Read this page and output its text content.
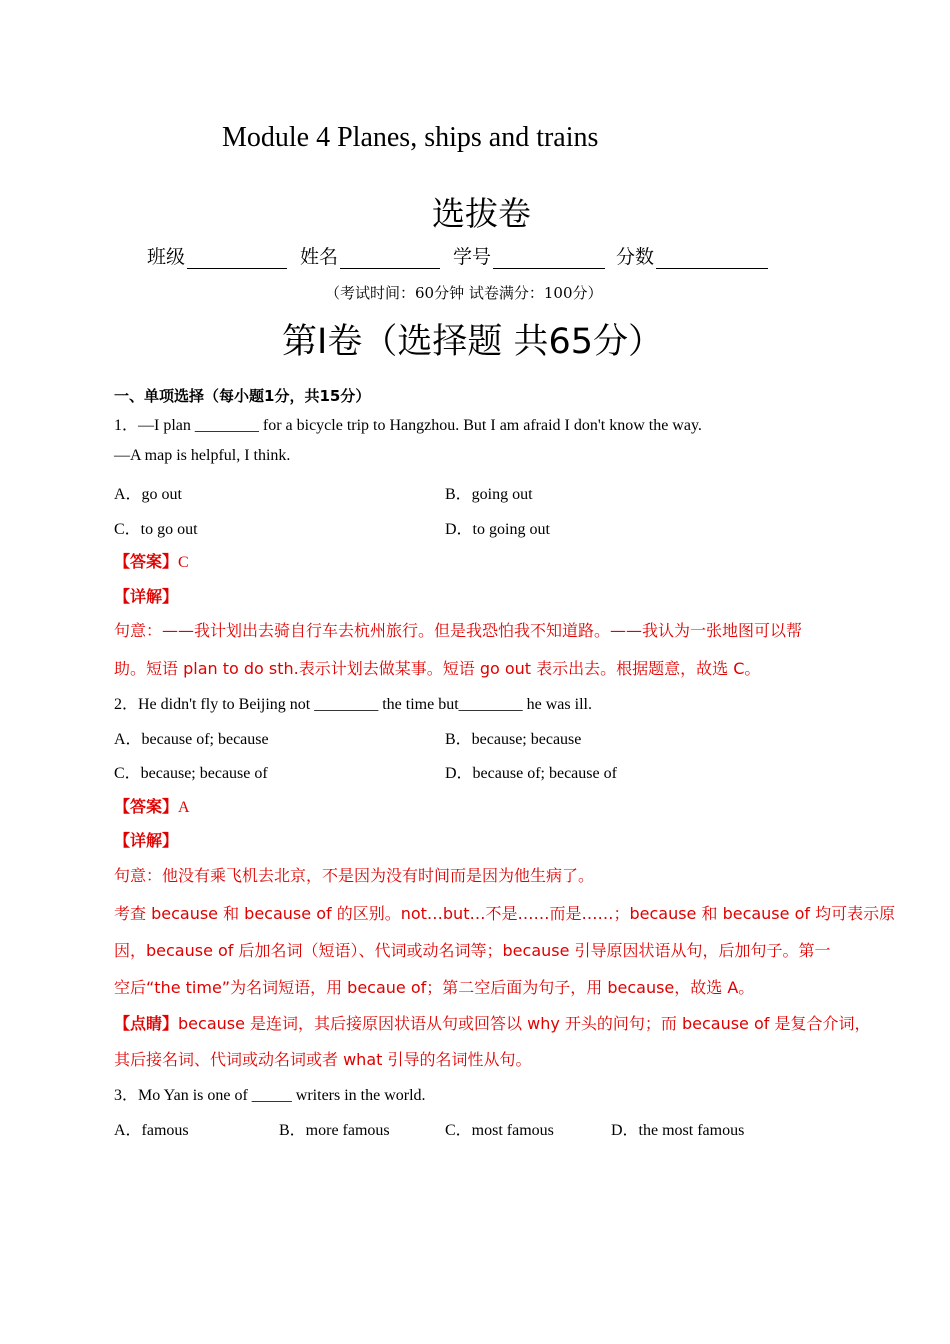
Module 4 Planes, ships and trains
选拔卷
班级	姓名	学号	分数
（考试时间：60分钟 试卷满分：100分）
第I卷（选择题 共65分）
一、单项选择（每小题1分，共15分）
1．—I plan ________ for a bicycle trip to Hangzhou. But I am afraid I don't know the way.
—A map is helpful, I think.
A．go out	B．going out
C．to go out	D．to going out
【答案】C
【详解】
句意：——我计划出去骑自行车去杭州旅行。但是我恐怕我不知道路。——我认为一张地图可以帮
助。短语 plan to do sth.表示计划去做某事。短语 go out 表示出去。根据题意，故选 C。
2．He didn't fly to Beijing not ________ the time but________ he was ill.
A．because of; because	B．because; because
C．because; because of	D．because of; because of
【答案】A
【详解】
句意：他没有乘飞机去北京，不是因为没有时间而是因为他生病了。
考查 because 和 because of 的区别。not…but…不是……而是……；because 和 because of 均可表示原
因，because of 后加名词（短语）、代词或动名词等；because 引导原因状语从句，后加句子。第一
空后“the time”为名词短语，用 becaue of；第二空后面为句子，用 because，故选 A。
【点睛】because 是连词，其后接原因状语从句或回答以 why 开头的问句；而 because of 是复合介词，
其后接名词、代词或动名词或者 what 引导的名词性从句。
3．Mo Yan is one of _____ writers in the world.
A．famous	B．more famous	C．most famous	D．the most famous
